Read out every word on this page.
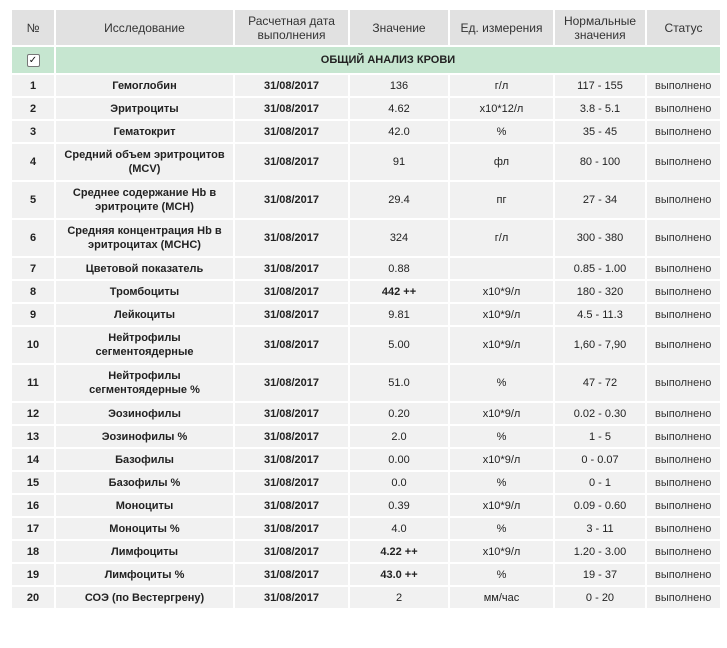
№	Исследование	Расчетная дата выполнения	Значение	Ед. измерения	Нормальные значения	Статус
✓	ОБЩИЙ АНАЛИЗ КРОВИ					
1	Гемоглобин	31/08/2017	136	г/л	117 - 155	выполнено
2	Эритроциты	31/08/2017	4.62	x10*12/л	3.8 - 5.1	выполнено
3	Гематокрит	31/08/2017	42.0	%	35 - 45	выполнено
4	Средний объем эритроцитов (MCV)	31/08/2017	91	фл	80 - 100	выполнено
5	Среднее содержание Hb в эритроците (MCH)	31/08/2017	29.4	пг	27 - 34	выполнено
6	Средняя концентрация Hb в эритроцитах (MCHC)	31/08/2017	324	г/л	300 - 380	выполнено
7	Цветовой показатель	31/08/2017	0.88		0.85 - 1.00	выполнено
8	Тромбоциты	31/08/2017	442 ++	x10*9/л	180 - 320	выполнено
9	Лейкоциты	31/08/2017	9.81	x10*9/л	4.5 - 11.3	выполнено
10	Нейтрофилы сегментоядерные	31/08/2017	5.00	x10*9/л	1,60 - 7,90	выполнено
11	Нейтрофилы сегментоядерные %	31/08/2017	51.0	%	47 - 72	выполнено
12	Эозинофилы	31/08/2017	0.20	x10*9/л	0.02 - 0.30	выполнено
13	Эозинофилы %	31/08/2017	2.0	%	1 - 5	выполнено
14	Базофилы	31/08/2017	0.00	x10*9/л	0 - 0.07	выполнено
15	Базофилы %	31/08/2017	0.0	%	0 - 1	выполнено
16	Моноциты	31/08/2017	0.39	x10*9/л	0.09 - 0.60	выполнено
17	Моноциты %	31/08/2017	4.0	%	3 - 11	выполнено
18	Лимфоциты	31/08/2017	4.22 ++	x10*9/л	1.20 - 3.00	выполнено
19	Лимфоциты %	31/08/2017	43.0 ++	%	19 - 37	выполнено
20	СОЭ (по Вестергрену)	31/08/2017	2	мм/час	0 - 20	выполнено
